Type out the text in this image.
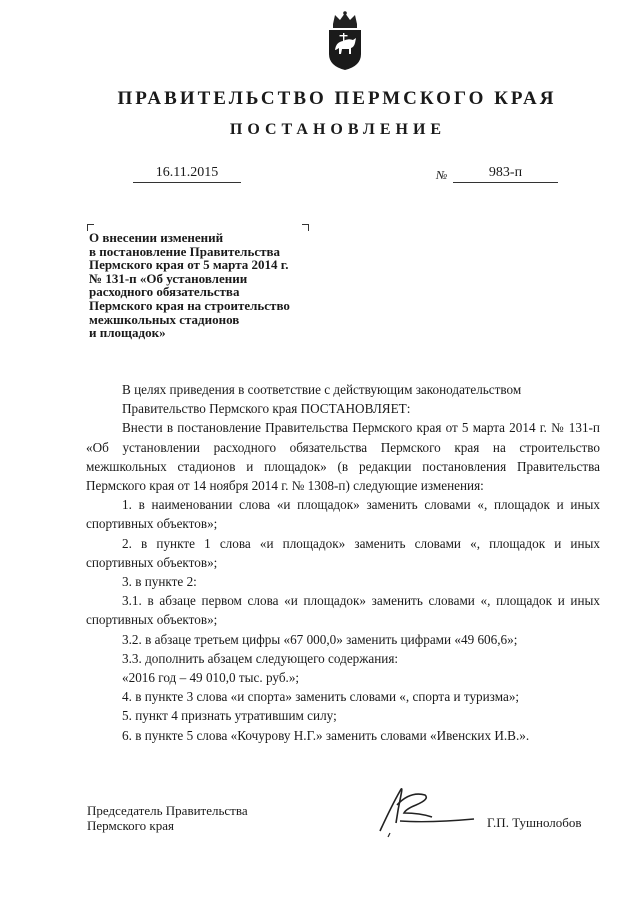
ПРАВИТЕЛЬСТВО ПЕРМСКОГО КРАЯ
ПОСТАНОВЛЕНИЕ
16.11.2015	№	983-п
О внесении изменений
в постановление Правительства
Пермского края от 5 марта 2014 г.
№ 131-п «Об установлении
расходного обязательства
Пермского края на строительство
межшкольных стадионов
и площадок»

В целях приведения в соответствие с действующим законодательством

Правительство Пермского края ПОСТАНОВЛЯЕТ:

Внести в постановление Правительства Пермского края от 5 марта 2014 г. № 131-п «Об установлении расходного обязательства Пермского края на строительство межшкольных стадионов и площадок» (в редакции постановления Правительства Пермского края от 14 ноября 2014 г. № 1308-п) следующие изменения:

1. в наименовании слова «и площадок» заменить словами «, площадок и иных спортивных объектов»;

2. в пункте 1 слова «и площадок» заменить словами «, площадок и иных спортивных объектов»;

3. в пункте 2:

3.1. в абзаце первом слова «и площадок» заменить словами «, площадок и иных спортивных объектов»;

3.2. в абзаце третьем цифры «67 000,0» заменить цифрами «49 606,6»;

3.3. дополнить абзацем следующего содержания:

«2016 год – 49 010,0 тыс. руб.»;

4. в пункте 3 слова «и спорта» заменить словами «, спорта и туризма»;

5. пункт 4 признать утратившим силу;

6. в пункте 5 слова «Кочурову Н.Г.» заменить словами «Ивенских И.В.».

Председатель Правительства
Пермского края	Г.П. Тушнолобов
